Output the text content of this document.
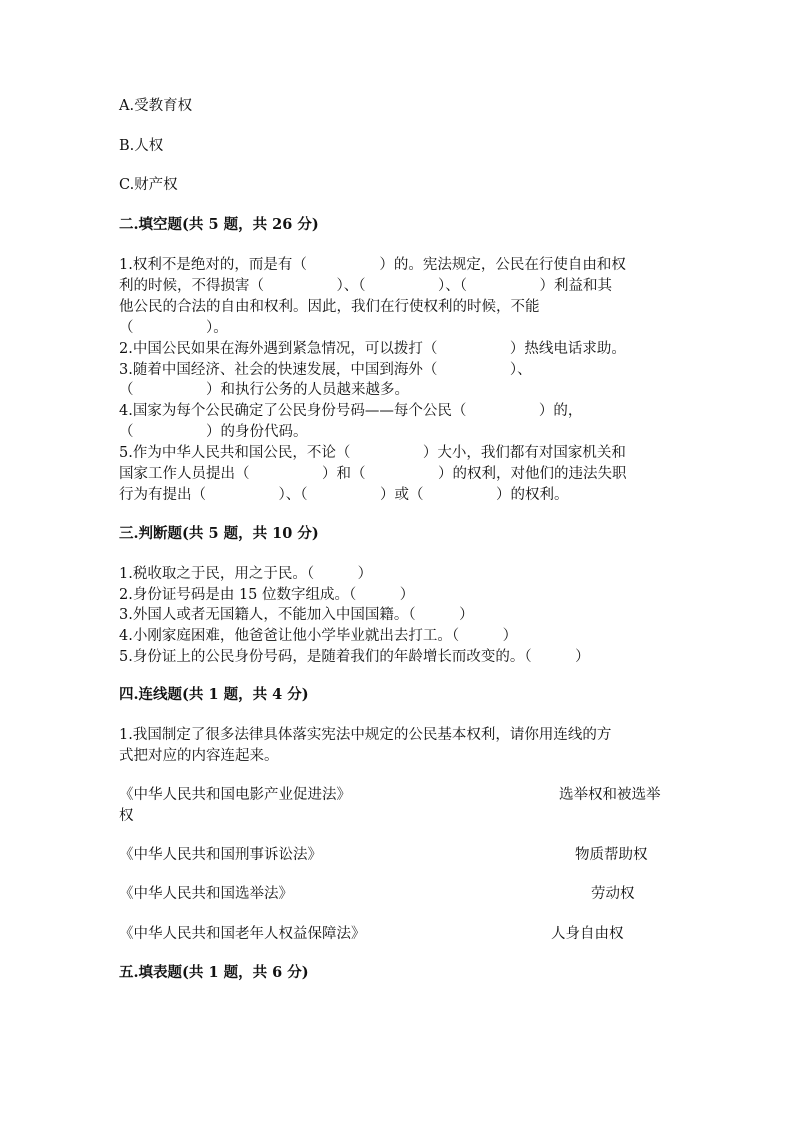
A.受教育权
B.人权
C.财产权
二.填空题(共 5 题，共 26 分)
1.权利不是绝对的，而是有（　　　　　）的。宪法规定，公民在行使自由和权
利的时候，不得损害（　　　　　）、（　　　　　）、（　　　　　）利益和其
他公民的合法的自由和权利。因此，我们在行使权利的时候，不能
（　　　　　）。
2.中国公民如果在海外遇到紧急情况，可以拨打（　　　　　）热线电话求助。
3.随着中国经济、社会的快速发展，中国到海外（　　　　　）、
（　　　　　）和执行公务的人员越来越多。
4.国家为每个公民确定了公民身份号码——每个公民（　　　　　）的，
（　　　　　）的身份代码。
5.作为中华人民共和国公民，不论（　　　　　）大小，我们都有对国家机关和
国家工作人员提出（　　　　　）和（　　　　　）的权利，对他们的违法失职
行为有提出（　　　　　）、（　　　　　）或（　　　　　）的权利。
三.判断题(共 5 题，共 10 分)
1.税收取之于民，用之于民。（　　　）
2.身份证号码是由 15 位数字组成。（　　　）
3.外国人或者无国籍人，不能加入中国国籍。（　　　）
4.小刚家庭困难，他爸爸让他小学毕业就出去打工。（　　　）
5.身份证上的公民身份号码，是随着我们的年龄增长而改变的。（　　　）
四.连线题(共 1 题，共 4 分)
1.我国制定了很多法律具体落实宪法中规定的公民基本权利，请你用连线的方
式把对应的内容连起来。
《中华人民共和国电影产业促进法》	选举权和被选举
权
《中华人民共和国刑事诉讼法》	物质帮助权
《中华人民共和国选举法》	劳动权
《中华人民共和国老年人权益保障法》	人身自由权
五.填表题(共 1 题，共 6 分)
